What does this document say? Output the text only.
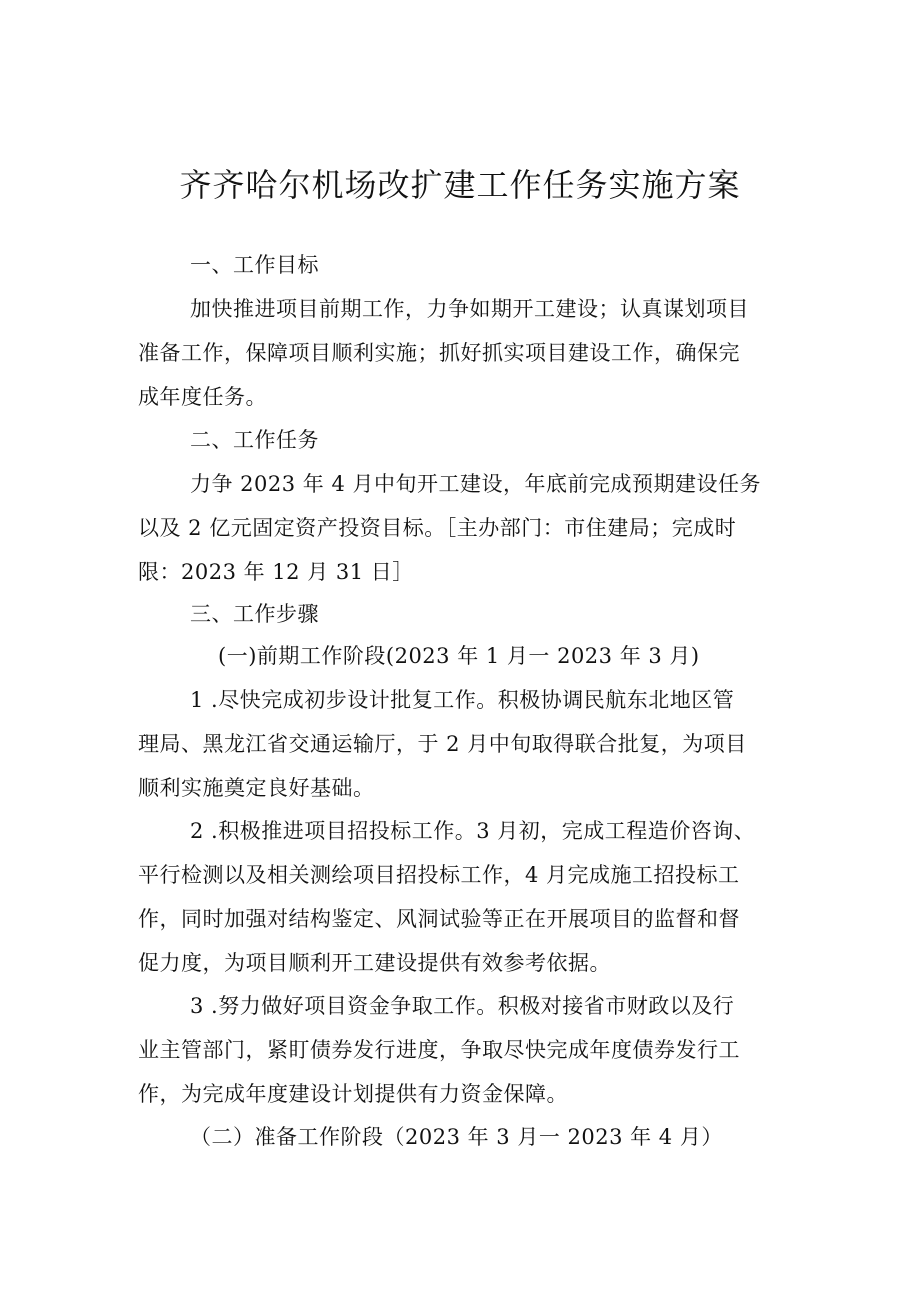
齐齐哈尔机场改扩建工作任务实施方案
一、工作目标
加快推进项目前期工作，力争如期开工建设；认真谋划项目
准备工作，保障项目顺利实施；抓好抓实项目建设工作，确保完
成年度任务。
二、工作任务
力争 2023 年 4 月中旬开工建设，年底前完成预期建设任务
以及 2 亿元固定资产投资目标。［主办部门：市住建局；完成时
限：2023 年 12 月 31 日］
三、工作步骤
(一)前期工作阶段(2023 年 1 月一 2023 年 3 月)
1 .尽快完成初步设计批复工作。积极协调民航东北地区管
理局、黑龙江省交通运输厅，于 2 月中旬取得联合批复，为项目
顺利实施奠定良好基础。
2 .积极推进项目招投标工作。3 月初，完成工程造价咨询、
平行检测以及相关测绘项目招投标工作，4 月完成施工招投标工
作，同时加强对结构鉴定、风洞试验等正在开展项目的监督和督
促力度，为项目顺利开工建设提供有效参考依据。
3 .努力做好项目资金争取工作。积极对接省市财政以及行
业主管部门，紧盯债券发行进度，争取尽快完成年度债券发行工
作，为完成年度建设计划提供有力资金保障。
（二）准备工作阶段（2023 年 3 月一 2023 年 4 月）
